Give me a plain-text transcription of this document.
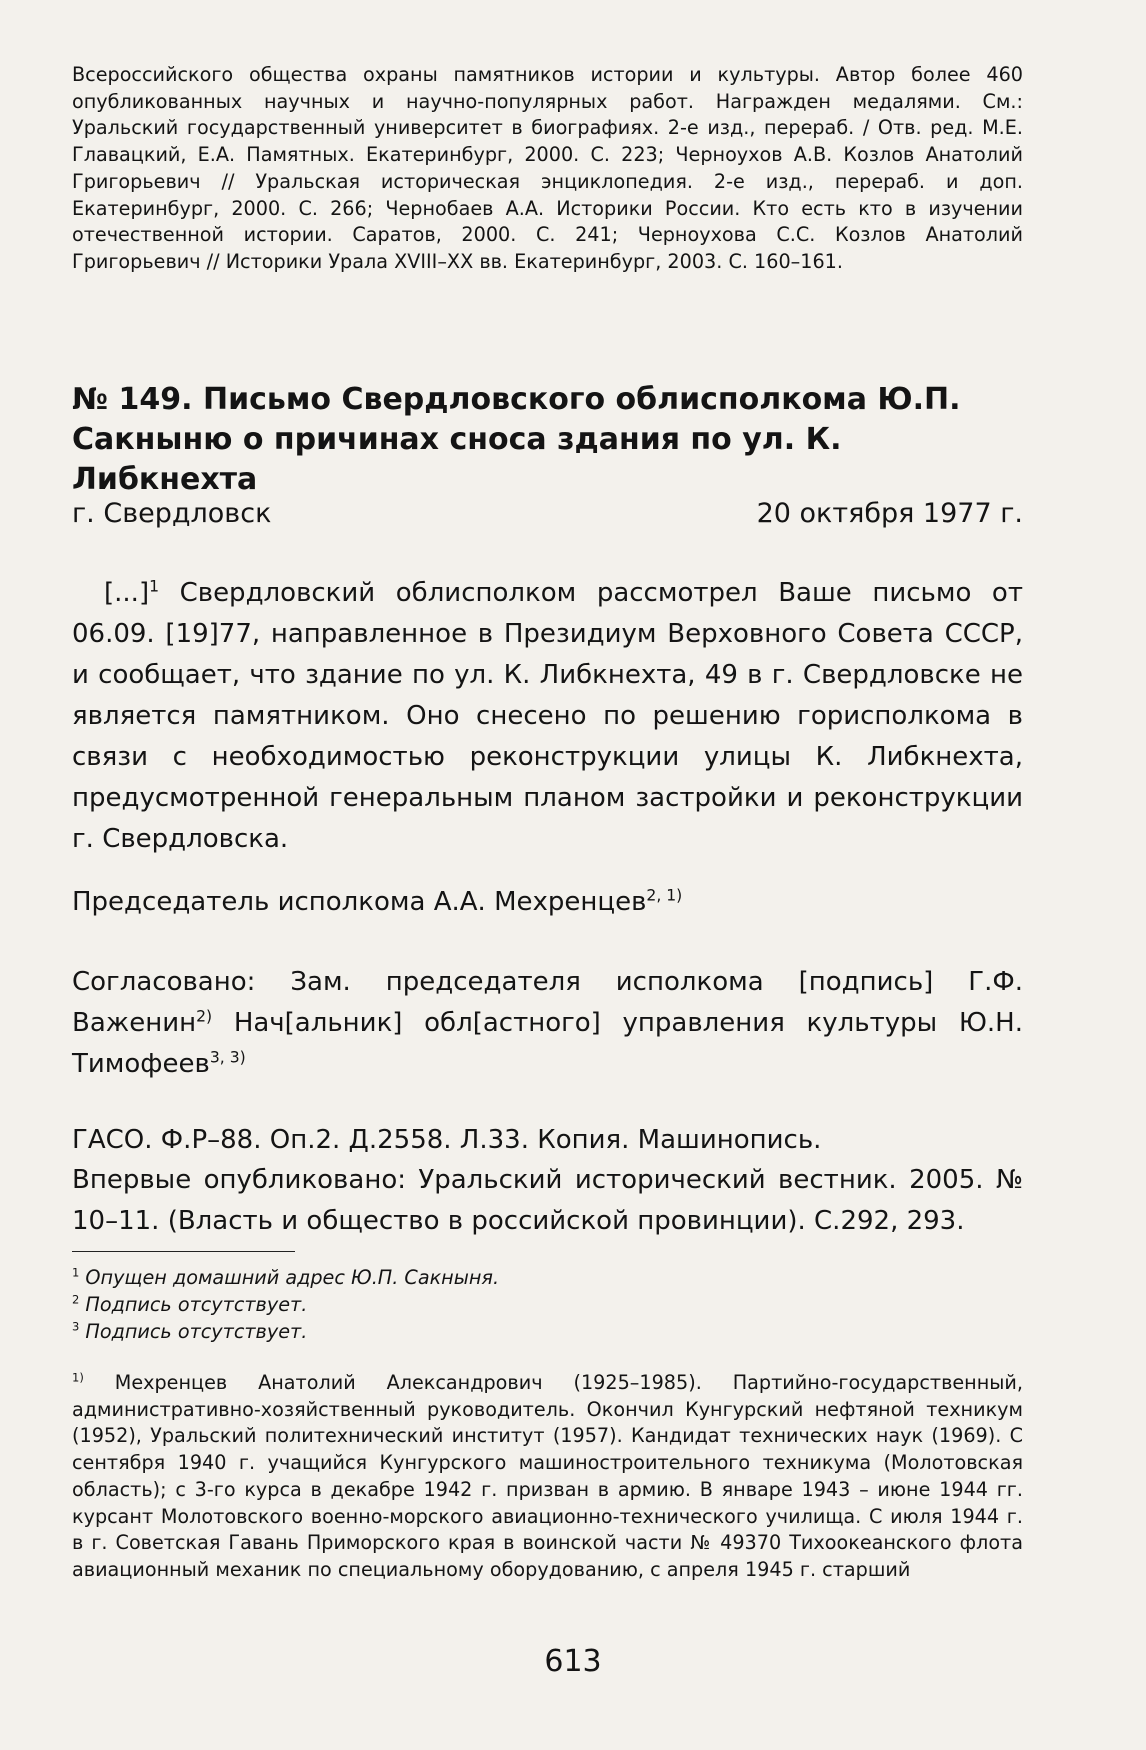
Всероссийского общества охраны памятников истории и культуры. Автор более 460 опубликованных научных и научно-популярных работ. Награжден медалями. См.: Уральский государственный университет в биографиях. 2-е изд., перераб. / Отв. ред. М.Е. Главацкий, Е.А. Памятных. Екатеринбург, 2000. С. 223; Черноухов А.В. Козлов Анатолий Григорьевич // Уральская историческая энциклопедия. 2-е изд., перераб. и доп. Екатеринбург, 2000. С. 266; Чернобаев А.А. Историки России. Кто есть кто в изучении отечественной истории. Саратов, 2000. С. 241; Черноухова С.С. Козлов Анатолий Григорьевич // Историки Урала XVIII–XX вв. Екатеринбург, 2003. С. 160–161.

№ 149. Письмо Свердловского облисполкома Ю.П. Сакныню о причинах сноса здания по ул. К. Либкнехта
г. Свердловск	20 октября 1977 г.

[...]$^1$ Свердловский облисполком рассмотрел Ваше письмо от 06.09. [19]77, направленное в Президиум Верховного Совета СССР, и сообщает, что здание по ул. К. Либкнехта, 49 в г. Свердловске не является памятником. Оно снесено по решению горисполкома в связи с необходимостью реконструкции улицы К. Либкнехта, предусмотренной генеральным планом застройки и реконструкции г. Свердловска.

Председатель исполкома А.А. Мехренцев$^{2, 1)}$

Согласовано: Зам. председателя исполкома [подпись] Г.Ф. Важенин$^{2)}$ Нач[альник] обл[астного] управления культуры Ю.Н. Тимофеев$^{3, 3)}$

ГАСО. Ф.Р–88. Оп.2. Д.2558. Л.33. Копия. Машинопись.

Впервые опубликовано: Уральский исторический вестник. 2005. № 10–11. (Власть и общество в российской провинции). С.292, 293.

$^1$ Опущен домашний адрес Ю.П. Сакныня.

$^2$ Подпись отсутствует.

$^3$ Подпись отсутствует.

$^{1)}$ Мехренцев Анатолий Александрович (1925–1985). Партийно-государственный, административно-хозяйственный руководитель. Окончил Кунгурский нефтяной техникум (1952), Уральский политехнический институт (1957). Кандидат технических наук (1969). С сентября 1940 г. учащийся Кунгурского машиностроительного техникума (Молотовская область); с 3-го курса в декабре 1942 г. призван в армию. В январе 1943 – июне 1944 гг. курсант Молотовского военно-морского авиационно-технического училища. С июля 1944 г. в г. Советская Гавань Приморского края в воинской части № 49370 Тихоокеанского флота авиационный механик по специальному оборудованию, с апреля 1945 г. старший

613
